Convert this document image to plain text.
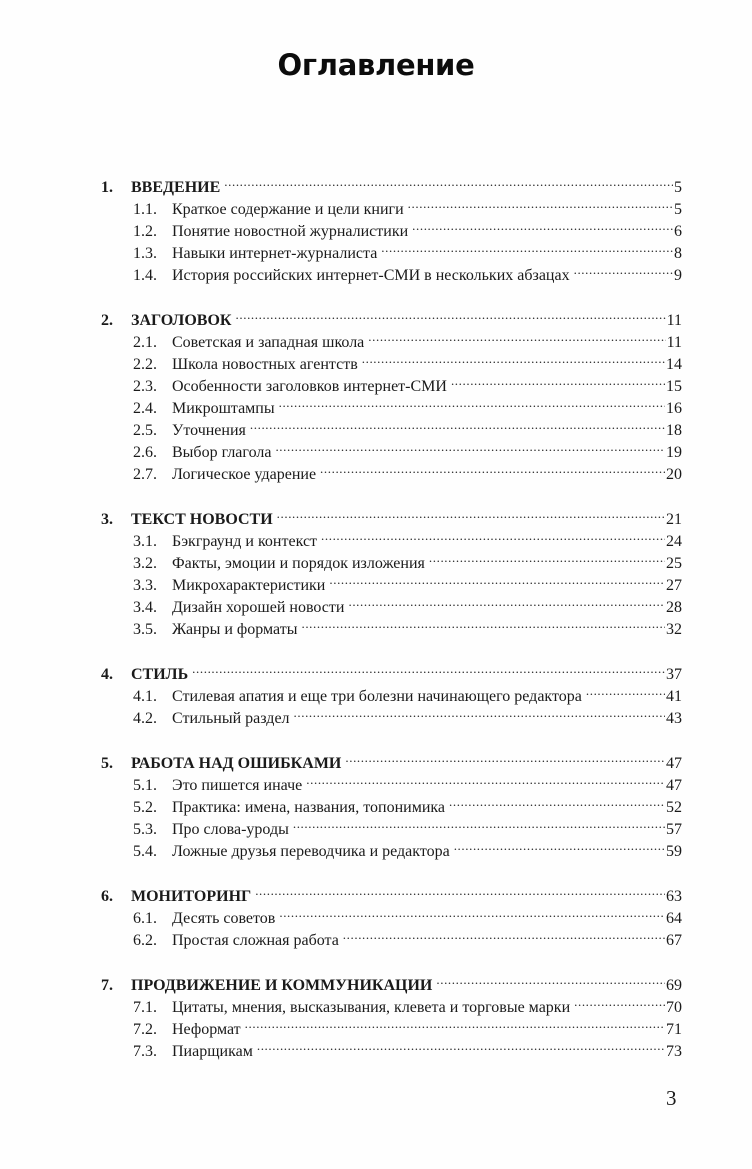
Оглавление
1.	ВВЕДЕНИЕ .....	5
1.1. Краткое содержание и цели книги .....	5
1.2. Понятие новостной журналистики .....	6
1.3. Навыки интернет-журналиста .....	8
1.4. История российских интернет-СМИ в нескольких абзацах .....	9
2.	ЗАГОЛОВОК .....	11
2.1. Советская и западная школа .....	11
2.2. Школа новостных агентств .....	14
2.3. Особенности заголовков интернет-СМИ .....	15
2.4. Микроштампы .....	16
2.5. Уточнения .....	18
2.6. Выбор глагола .....	19
2.7. Логическое ударение .....	20
3.	ТЕКСТ НОВОСТИ .....	21
3.1. Бэкграунд и контекст .....	24
3.2. Факты, эмоции и порядок изложения .....	25
3.3. Микрохарактеристики .....	27
3.4. Дизайн хорошей новости .....	28
3.5. Жанры и форматы .....	32
4.	СТИЛЬ .....	37
4.1. Стилевая апатия и еще три болезни начинающего редактора .....	41
4.2. Стильный раздел .....	43
5.	РАБОТА НАД ОШИБКАМИ .....	47
5.1. Это пишется иначе .....	47
5.2. Практика: имена, названия, топонимика .....	52
5.3. Про слова-уроды .....	57
5.4. Ложные друзья переводчика и редактора .....	59
6.	МОНИТОРИНГ .....	63
6.1. Десять советов .....	64
6.2. Простая сложная работа .....	67
7.	ПРОДВИЖЕНИЕ И КОММУНИКАЦИИ .....	69
7.1. Цитаты, мнения, высказывания, клевета и торговые марки .....	70
7.2. Неформат .....	71
7.3. Пиарщикам .....	73
3
